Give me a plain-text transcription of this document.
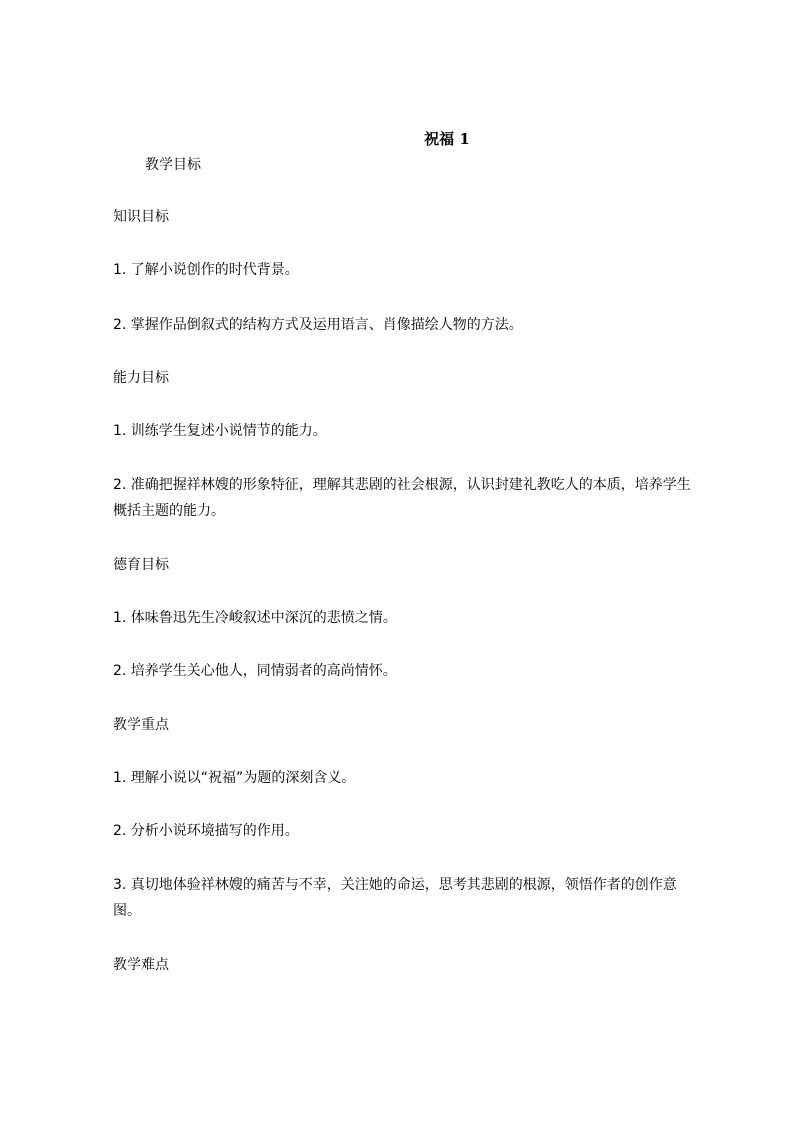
祝福 1
教学目标
知识目标
1. 了解小说创作的时代背景。
2. 掌握作品倒叙式的结构方式及运用语言、肖像描绘人物的方法。
能力目标
1. 训练学生复述小说情节的能力。
2. 准确把握祥林嫂的形象特征，理解其悲剧的社会根源，认识封建礼教吃人的本质，培养学生概括主题的能力。
德育目标
1. 体味鲁迅先生冷峻叙述中深沉的悲愤之情。
2. 培养学生关心他人，同情弱者的高尚情怀。
教学重点
1. 理解小说以“祝福”为题的深刻含义。
2. 分析小说环境描写的作用。
3. 真切地体验祥林嫂的痛苦与不幸，关注她的命运，思考其悲剧的根源，领悟作者的创作意图。
教学难点
